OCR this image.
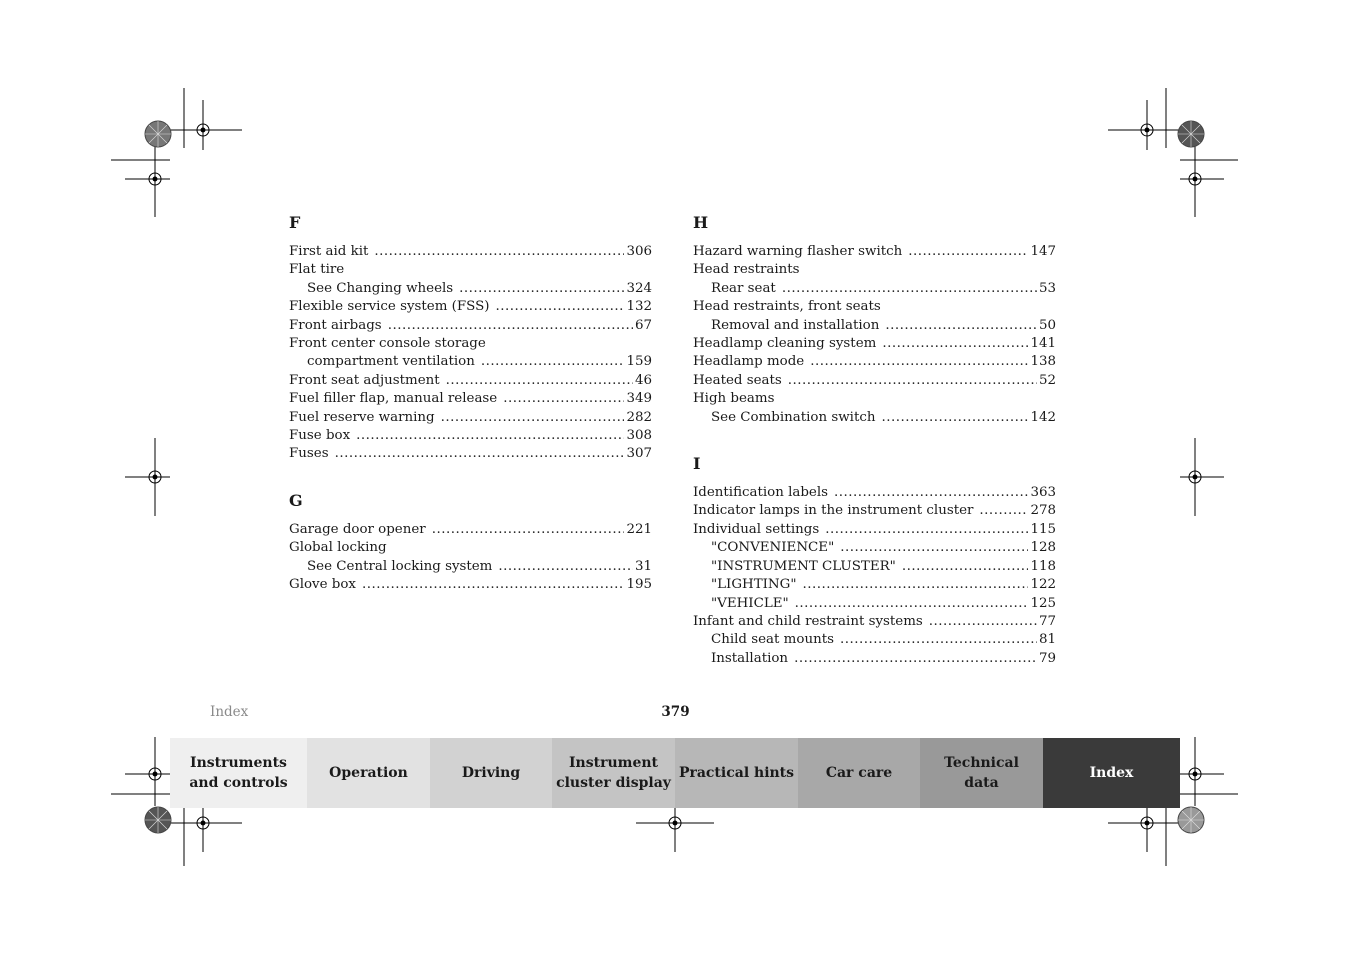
F
First aid kit .....	306
Flat tire
See Changing wheels .....	324
Flexible service system (FSS) .....	132
Front airbags .....	67
Front center console storage
compartment ventilation .....	159
Front seat adjustment .....	46
Fuel filler flap, manual release .....	349
Fuel reserve warning .....	282
Fuse box .....	308
Fuses .....	307
G
Garage door opener .....	221
Global locking
See Central locking system .....	31
Glove box .....	195
H
Hazard warning flasher switch .....	147
Head restraints
Rear seat .....	53
Head restraints, front seats
Removal and installation .....	50
Headlamp cleaning system .....	141
Headlamp mode .....	138
Heated seats .....	52
High beams
See Combination switch .....	142
I
Identification labels .....	363
Indicator lamps in the instrument cluster .....	278
Individual settings .....	115
"CONVENIENCE" .....	128
"INSTRUMENT CLUSTER" .....	118
"LIGHTING" .....	122
"VEHICLE" .....	125
Infant and child restraint systems .....	77
Child seat mounts .....	81
Installation .....	79
Index	379
Instruments
and controls
Operation	Driving
Instrument
cluster display
Practical hints Car care
Technical
data
Index
